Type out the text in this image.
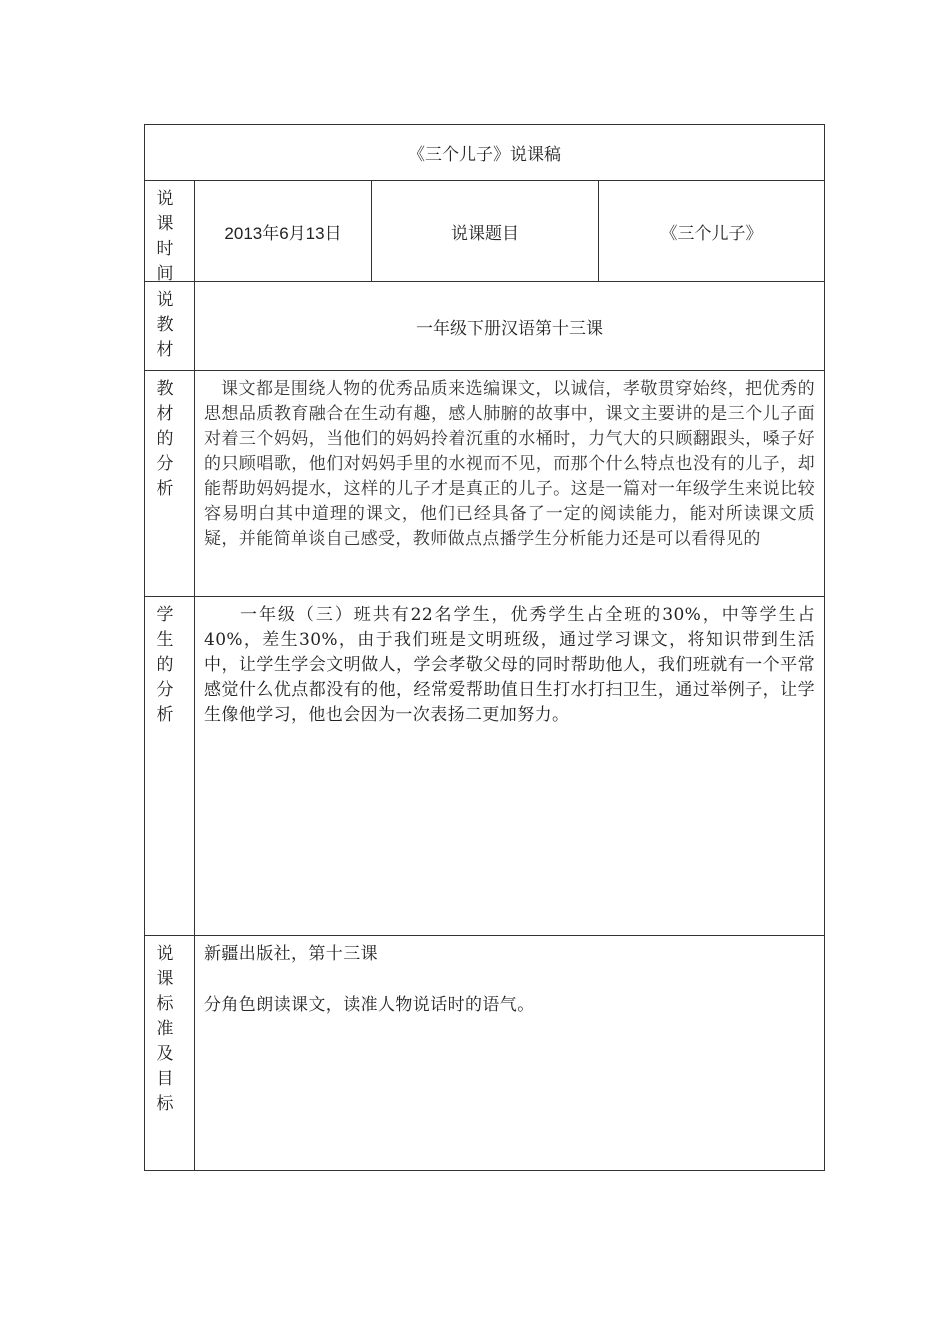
《三个儿子》说课稿
说课时间
2013年6月13日	说课题目	《三个儿子》
说教材
一年级下册汉语第十三课
教材的分析
课文都是围绕人物的优秀品质来选编课文，以诚信，孝敬贯穿始终，把优秀的思想品质教育融合在生动有趣，感人肺腑的故事中，课文主要讲的是三个儿子面对着三个妈妈，当他们的妈妈拎着沉重的水桶时，力气大的只顾翻跟头，嗓子好的只顾唱歌，他们对妈妈手里的水视而不见，而那个什么特点也没有的儿子，却能帮助妈妈提水，这样的儿子才是真正的儿子。这是一篇对一年级学生来说比较容易明白其中道理的课文，他们已经具备了一定的阅读能力，能对所读课文质疑，并能简单谈自己感受，教师做点点播学生分析能力还是可以看得见的
学生的分析
一年级（三）班共有22名学生，优秀学生占全班的30%，中等学生占40%，差生30%，由于我们班是文明班级，通过学习课文，将知识带到生活中，让学生学会文明做人，学会孝敬父母的同时帮助他人，我们班就有一个平常感觉什么优点都没有的他，经常爱帮助值日生打水打扫卫生，通过举例子，让学生像他学习，他也会因为一次表扬二更加努力。
说课标准及目标
新疆出版社，第十三课
分角色朗读课文，读准人物说话时的语气。
